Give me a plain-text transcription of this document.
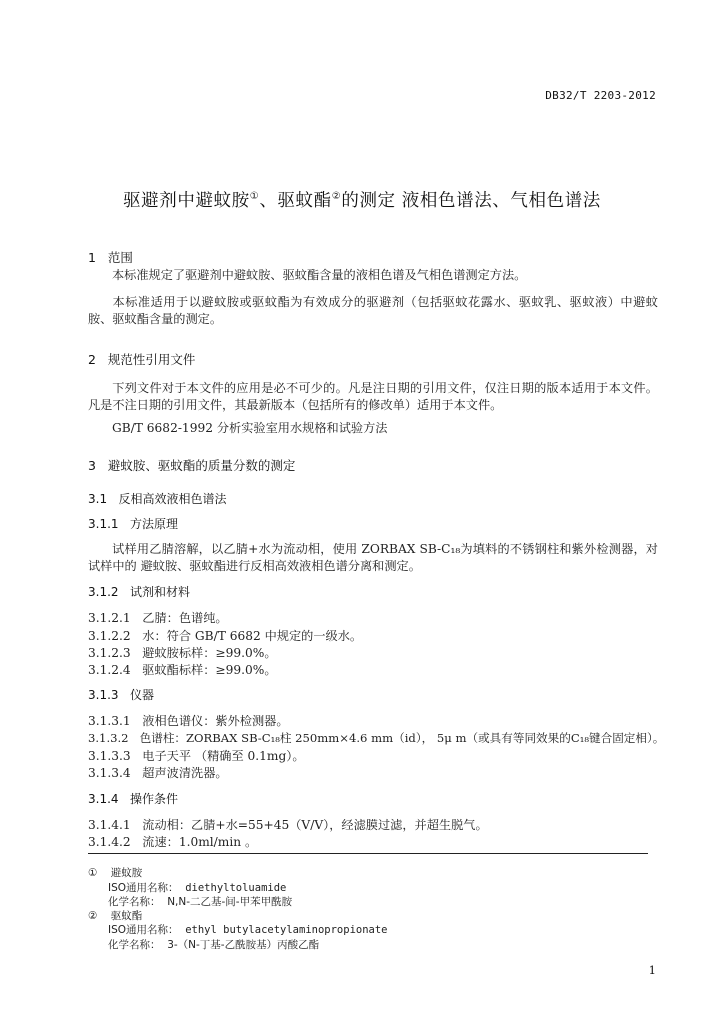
DB32/T 2203-2012
驱避剂中避蚊胺①、驱蚊酯②的测定 液相色谱法、气相色谱法
1 范围
本标准规定了驱避剂中避蚊胺、驱蚊酯含量的液相色谱及气相色谱测定方法。
本标准适用于以避蚊胺或驱蚊酯为有效成分的驱避剂（包括驱蚊花露水、驱蚊乳、驱蚊液）中避蚊胺、驱蚊酯含量的测定。
2 规范性引用文件
下列文件对于本文件的应用是必不可少的。凡是注日期的引用文件，仅注日期的版本适用于本文件。凡是不注日期的引用文件，其最新版本（包括所有的修改单）适用于本文件。
GB/T 6682-1992 分析实验室用水规格和试验方法
3 避蚊胺、驱蚊酯的质量分数的测定
3.1 反相高效液相色谱法
3.1.1 方法原理
试样用乙腈溶解，以乙腈+水为流动相，使用 ZORBAX SB-C₁₈为填料的不锈钢柱和紫外检测器，对试样中的 避蚊胺、驱蚊酯进行反相高效液相色谱分离和测定。
3.1.2 试剂和材料
3.1.2.1 乙腈：色谱纯。
3.1.2.2 水：符合 GB/T 6682 中规定的一级水。
3.1.2.3 避蚊胺标样：≥99.0%。
3.1.2.4 驱蚊酯标样：≥99.0%。
3.1.3 仪器
3.1.3.1 液相色谱仪：紫外检测器。
3.1.3.2 色谱柱：ZORBAX SB-C₁₈柱 250mm×4.6 mm（id）， 5μ m（或具有等同效果的C₁₈键合固定相）。
3.1.3.3 电子天平 （精确至 0.1mg）。
3.1.3.4 超声波清洗器。
3.1.4 操作条件
3.1.4.1 流动相：乙腈+水=55+45（V/V），经滤膜过滤，并超生脱气。
3.1.4.2 流速：1.0ml/min 。
① 避蚊胺
ISO通用名称： diethyltoluamide
化学名称： N,N-二乙基-间-甲苯甲酰胺
② 驱蚊酯
ISO通用名称： ethyl butylacetylaminopropionate
化学名称： 3-（N-丁基-乙酰胺基）丙酸乙酯
1
